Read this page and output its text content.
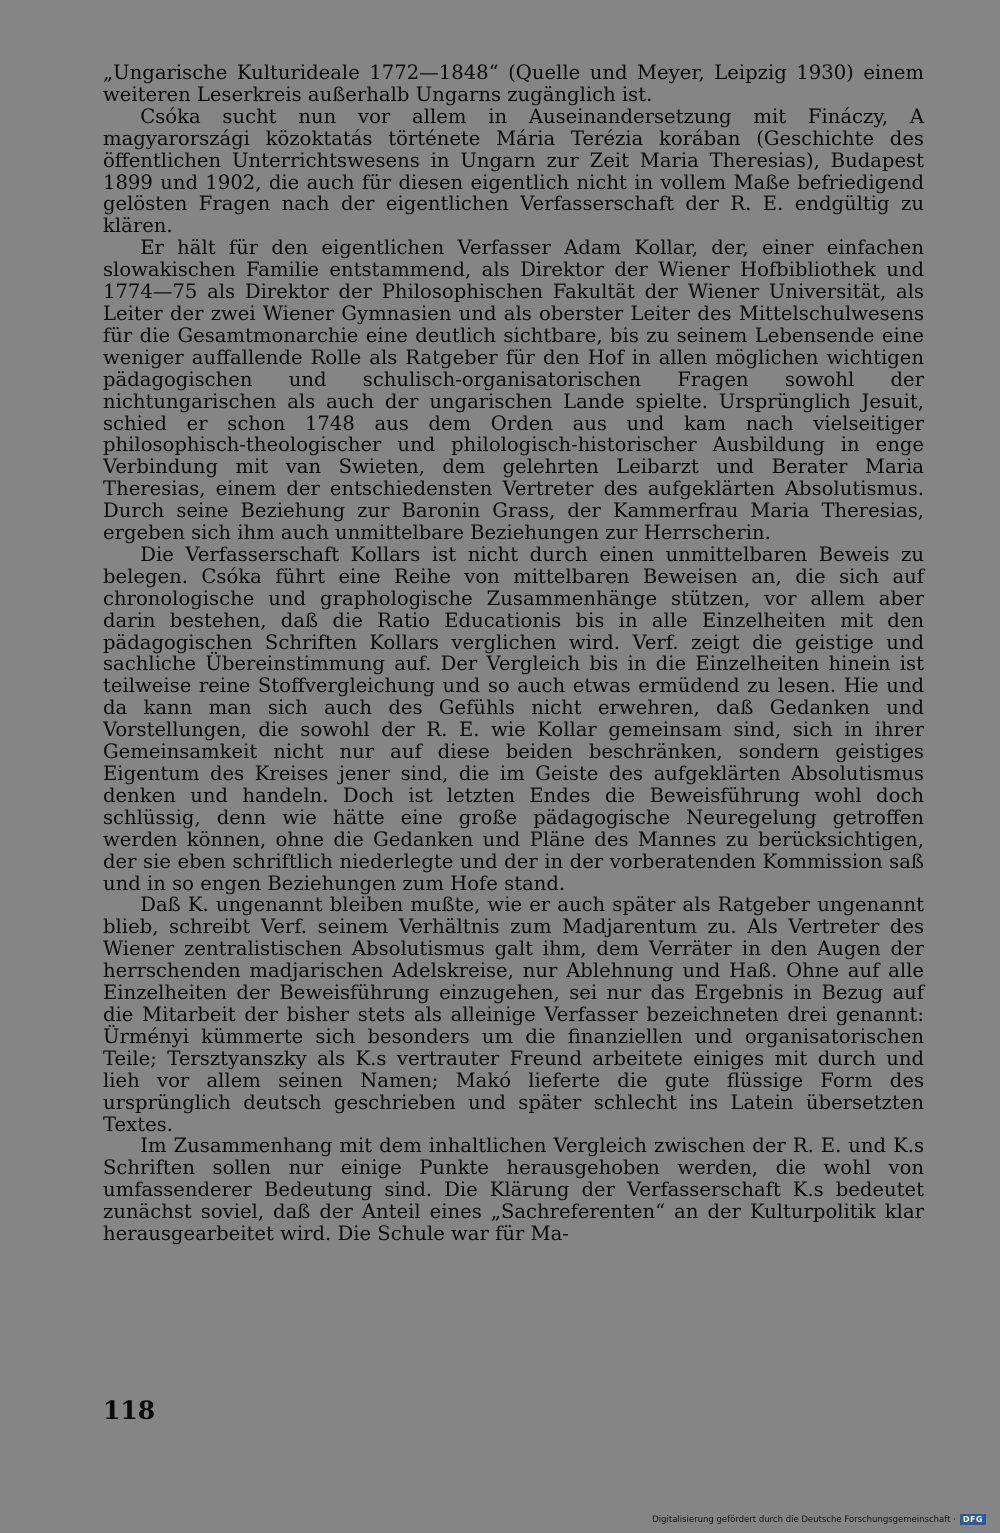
„Ungarische Kulturideale 1772—1848“ (Quelle und Meyer, Leipzig 1930) einem weiteren Leserkreis außerhalb Ungarns zugänglich ist.

Csóka sucht nun vor allem in Auseinandersetzung mit Fináczy, A magyarországi közoktatás története Mária Terézia korában (Geschichte des öffentlichen Unterrichtswesens in Ungarn zur Zeit Maria Theresias), Budapest 1899 und 1902, die auch für diesen eigentlich nicht in vollem Maße befriedigend gelösten Fragen nach der eigentlichen Verfasserschaft der R. E. endgültig zu klären.

Er hält für den eigentlichen Verfasser Adam Kollar, der, einer einfachen slowakischen Familie entstammend, als Direktor der Wiener Hofbibliothek und 1774—75 als Direktor der Philosophischen Fakultät der Wiener Universität, als Leiter der zwei Wiener Gymnasien und als oberster Leiter des Mittelschulwesens für die Gesamtmonarchie eine deutlich sichtbare, bis zu seinem Lebensende eine weniger auffallende Rolle als Ratgeber für den Hof in allen möglichen wichtigen pädagogischen und schulisch-organisatorischen Fragen sowohl der nichtungarischen als auch der ungarischen Lande spielte. Ursprünglich Jesuit, schied er schon 1748 aus dem Orden aus und kam nach vielseitiger philosophisch-theologischer und philologisch-historischer Ausbildung in enge Verbindung mit van Swieten, dem gelehrten Leibarzt und Berater Maria Theresias, einem der entschiedensten Vertreter des aufgeklärten Absolutismus. Durch seine Beziehung zur Baronin Grass, der Kammerfrau Maria Theresias, ergeben sich ihm auch unmittelbare Beziehungen zur Herrscherin.

Die Verfasserschaft Kollars ist nicht durch einen unmittelbaren Beweis zu belegen. Csóka führt eine Reihe von mittelbaren Beweisen an, die sich auf chronologische und graphologische Zusammenhänge stützen, vor allem aber darin bestehen, daß die Ratio Educationis bis in alle Einzelheiten mit den pädagogischen Schriften Kollars verglichen wird. Verf. zeigt die geistige und sachliche Übereinstimmung auf. Der Vergleich bis in die Einzelheiten hinein ist teilweise reine Stoffvergleichung und so auch etwas ermüdend zu lesen. Hie und da kann man sich auch des Gefühls nicht erwehren, daß Gedanken und Vorstellungen, die sowohl der R. E. wie Kollar gemeinsam sind, sich in ihrer Gemeinsamkeit nicht nur auf diese beiden beschränken, sondern geistiges Eigentum des Kreises jener sind, die im Geiste des aufgeklärten Absolutismus denken und handeln. Doch ist letzten Endes die Beweisführung wohl doch schlüssig, denn wie hätte eine große pädagogische Neuregelung getroffen werden können, ohne die Gedanken und Pläne des Mannes zu berücksichtigen, der sie eben schriftlich niederlegte und der in der vorberatenden Kommission saß und in so engen Beziehungen zum Hofe stand.

Daß K. ungenannt bleiben mußte, wie er auch später als Ratgeber ungenannt blieb, schreibt Verf. seinem Verhältnis zum Madjarentum zu. Als Vertreter des Wiener zentralistischen Absolutismus galt ihm, dem Verräter in den Augen der herrschenden madjarischen Adelskreise, nur Ablehnung und Haß. Ohne auf alle Einzelheiten der Beweisführung einzugehen, sei nur das Ergebnis in Bezug auf die Mitarbeit der bisher stets als alleinige Verfasser bezeichneten drei genannt: Ürményi kümmerte sich besonders um die finanziellen und organisatorischen Teile; Tersztyanszky als K.s vertrauter Freund arbeitete einiges mit durch und lieh vor allem seinen Namen; Makó lieferte die gute flüssige Form des ursprünglich deutsch geschrieben und später schlecht ins Latein übersetzten Textes.

Im Zusammenhang mit dem inhaltlichen Vergleich zwischen der R. E. und K.s Schriften sollen nur einige Punkte herausgehoben werden, die wohl von umfassenderer Bedeutung sind. Die Klärung der Verfasserschaft K.s bedeutet zunächst soviel, daß der Anteil eines „Sachreferenten“ an der Kulturpolitik klar herausgearbeitet wird. Die Schule war für Ma-

118
Digitalisierung gefördert durch die Deutsche Forschungsgemeinschaft · DFG
